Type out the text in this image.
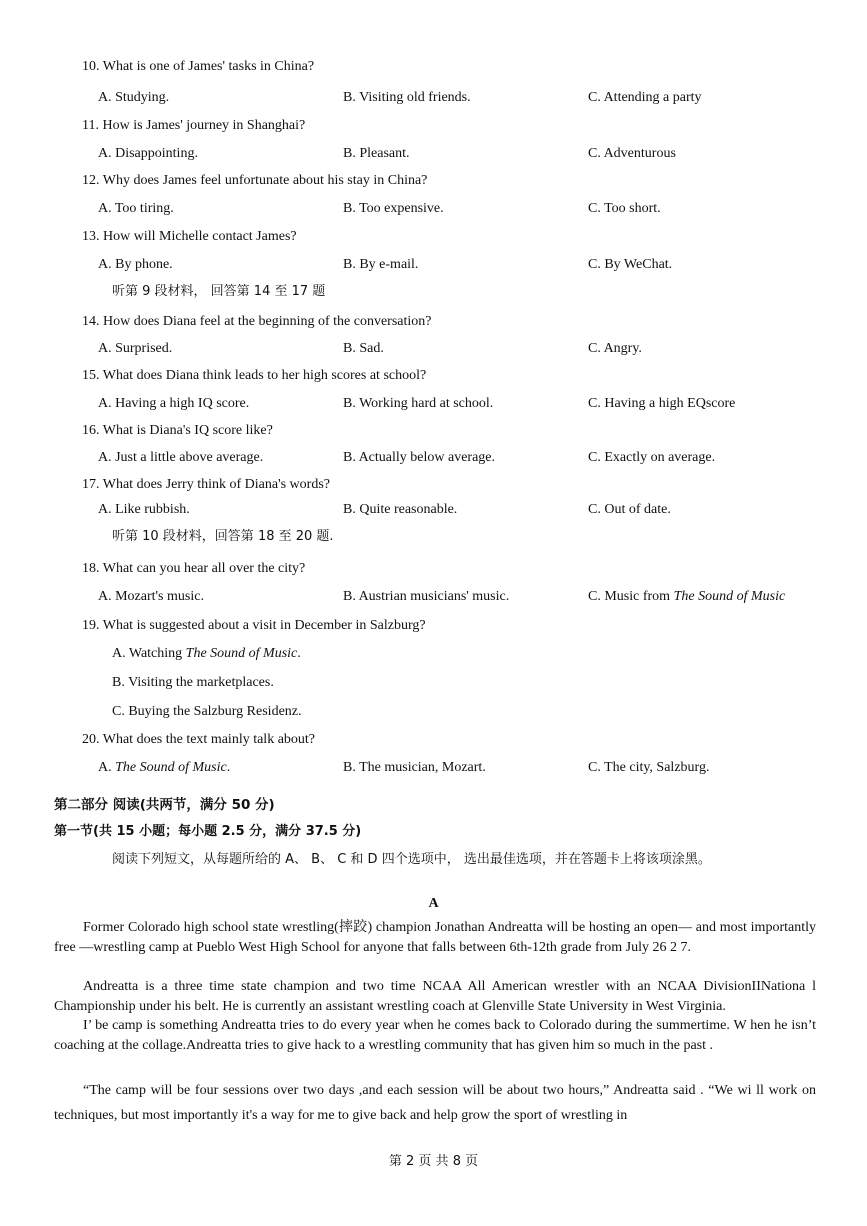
10. What is one of James' tasks in China?
A. Studying.	B. Visiting old friends.	C. Attending a party
11. How is James' journey in Shanghai?
A. Disappointing.	B. Pleasant.	C. Adventurous
12. Why does James feel unfortunate about his stay in China?
A. Too tiring.	B. Too expensive.	C. Too short.
13. How will Michelle contact James?
A. By phone.	B. By e-mail.	C. By WeChat.
听第 9 段材料， 回答第 14 至 17 题
14. How does Diana feel at the beginning of the conversation?
A. Surprised.	B. Sad.	C. Angry.
15. What does Diana think leads to her high scores at school?
A. Having a high IQ score.	B. Working hard at school.	C. Having a high EQscore
16. What is Diana's IQ score like?
A. Just a little above average.	B. Actually below average.	C. Exactly on average.
17. What does Jerry think of Diana's words?
A. Like rubbish.	B. Quite reasonable.	C. Out of date.
听第 10 段材料，回答第 18 至 20 题.
18. What can you hear all over the city?
A. Mozart's music.	B. Austrian musicians' music.	C. Music from The Sound of Music
19. What is suggested about a visit in December in Salzburg?
A. Watching The Sound of Music.
B. Visiting the marketplaces.
C. Buying the Salzburg Residenz.
20. What does the text mainly talk about?
A. The Sound of Music.	B. The musician, Mozart.	C. The city, Salzburg.
第二部分 阅读(共两节，满分 50 分)
第一节(共 15 小题；每小题 2.5 分，满分 37.5 分)
阅读下列短文，从每题所给的 A、 B、 C 和 D 四个选项中， 选出最佳选项，并在答题卡上将该项涂黑。
A
Former Colorado high school state wrestling(摔跤) champion Jonathan Andreatta will be hosting an open— and most importantly free —wrestling camp at Pueblo West High School for anyone that falls between 6th-12th grade from July 26 2 7.
Andreatta is a three time state champion and two time NCAA All American wrestler with an NCAA DivisionIINationa l Championship under his belt. He is currently an assistant wrestling coach at Glenville State University in West Virginia.
I’ be camp is something Andreatta tries to do every year when he comes back to Colorado during the summertime. W hen he isn’t coaching at the collage.Andreatta tries to give hack to a wrestling community that has given him so much in the past .
“The camp will be four sessions over two days ,and each session will be about two hours,” Andreatta said . “We wi ll work on techniques, but most importantly it's a way for me to give back and help grow the sport of wrestling in
第 2 页 共 8 页
